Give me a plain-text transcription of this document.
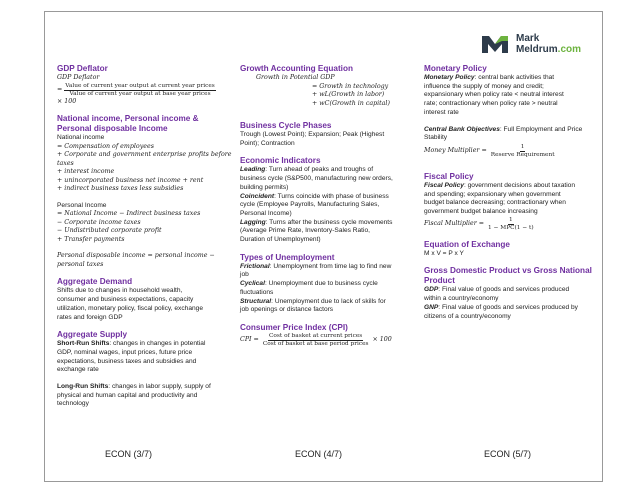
Mark
Meldrum.com
GDP Deflator
GDP Deflator
= $\frac{\text{Value of current year output at current year prices}}{\text{Value of current year output at base year prices}}$
× 100
National income, Personal income &
Personal disposable Income
National income
= Compensation of employees
+ Corporate and government enterprise profits before taxes
+ interest income
+ unincorporated business net income + rent
+ indirect business taxes less subsidies
Personal Income
= National Income − Indirect business taxes
− Corporate income taxes
− Undistributed corporate profit
+ Transfer payments
Personal disposable income = personal income −
personal taxes
Aggregate Demand
Shifts due to changes in household wealth,
consumer and business expectations, capacity
utilization, monetary policy, fiscal policy, exchange
rates and foreign GDP
Aggregate Supply
Short-Run Shifts: changes in changes in potential
GDP, nominal wages, input prices, future price
expectations, business taxes and subsidies and
exchange rate
Long-Run Shifts: changes in labor supply, supply of
physical and human capital and productivity and
technology
Growth Accounting Equation
Growth in Potential GDP
= Growth in technology
+ wL(Growth in labor)
+ wC(Growth in capital)
Business Cycle Phases
Trough (Lowest Point); Expansion; Peak (Highest
Point); Contraction
Economic Indicators
Leading: Turn ahead of peaks and troughs of
business cycle (S&P500, manufacturing new orders,
building permits)
Coincident: Turns coincide with phase of business
cycle (Employee Payrolls, Manufacturing Sales,
Personal Income)
Lagging: Turns after the business cycle movements
(Average Prime Rate, Inventory-Sales Ratio,
Duration of Unemployment)
Types of Unemployment
Frictional: Unemployment from time lag to find new
job
Cyclical: Unemployment due to business cycle
fluctuations
Structural: Unemployment due to lack of skills for
job openings or distance factors
Consumer Price Index (CPI)
CPI = $\frac{\text{Cost of basket at current prices}}{\text{Cost of basket at base period prices}} \times 100$
Monetary Policy
Monetary Policy: central bank activities that
influence the supply of money and credit;
expansionary when policy rate < neutral interest
rate; contractionary when policy rate > neutral
interest rate
Central Bank Objectives: Full Employment and Price
Stability
Money Multiplier = $\frac{1}{\text{Reserve Requirement}}$
Fiscal Policy
Fiscal Policy: government decisions about taxation
and spending; expansionary when government
budget balance decreasing; contractionary when
government budget balance increasing
Fiscal Multiplier = $\frac{1}{\text{1 − MPC(1 − t)}}$
Equation of Exchange
M x V = P x Y
Gross Domestic Product vs Gross National
Product
GDP: Final value of goods and services produced
within a country/economy
GNP: Final value of goods and services produced by
citizens of a country/economy
ECON (3/7)	ECON (4/7)	ECON (5/7)
